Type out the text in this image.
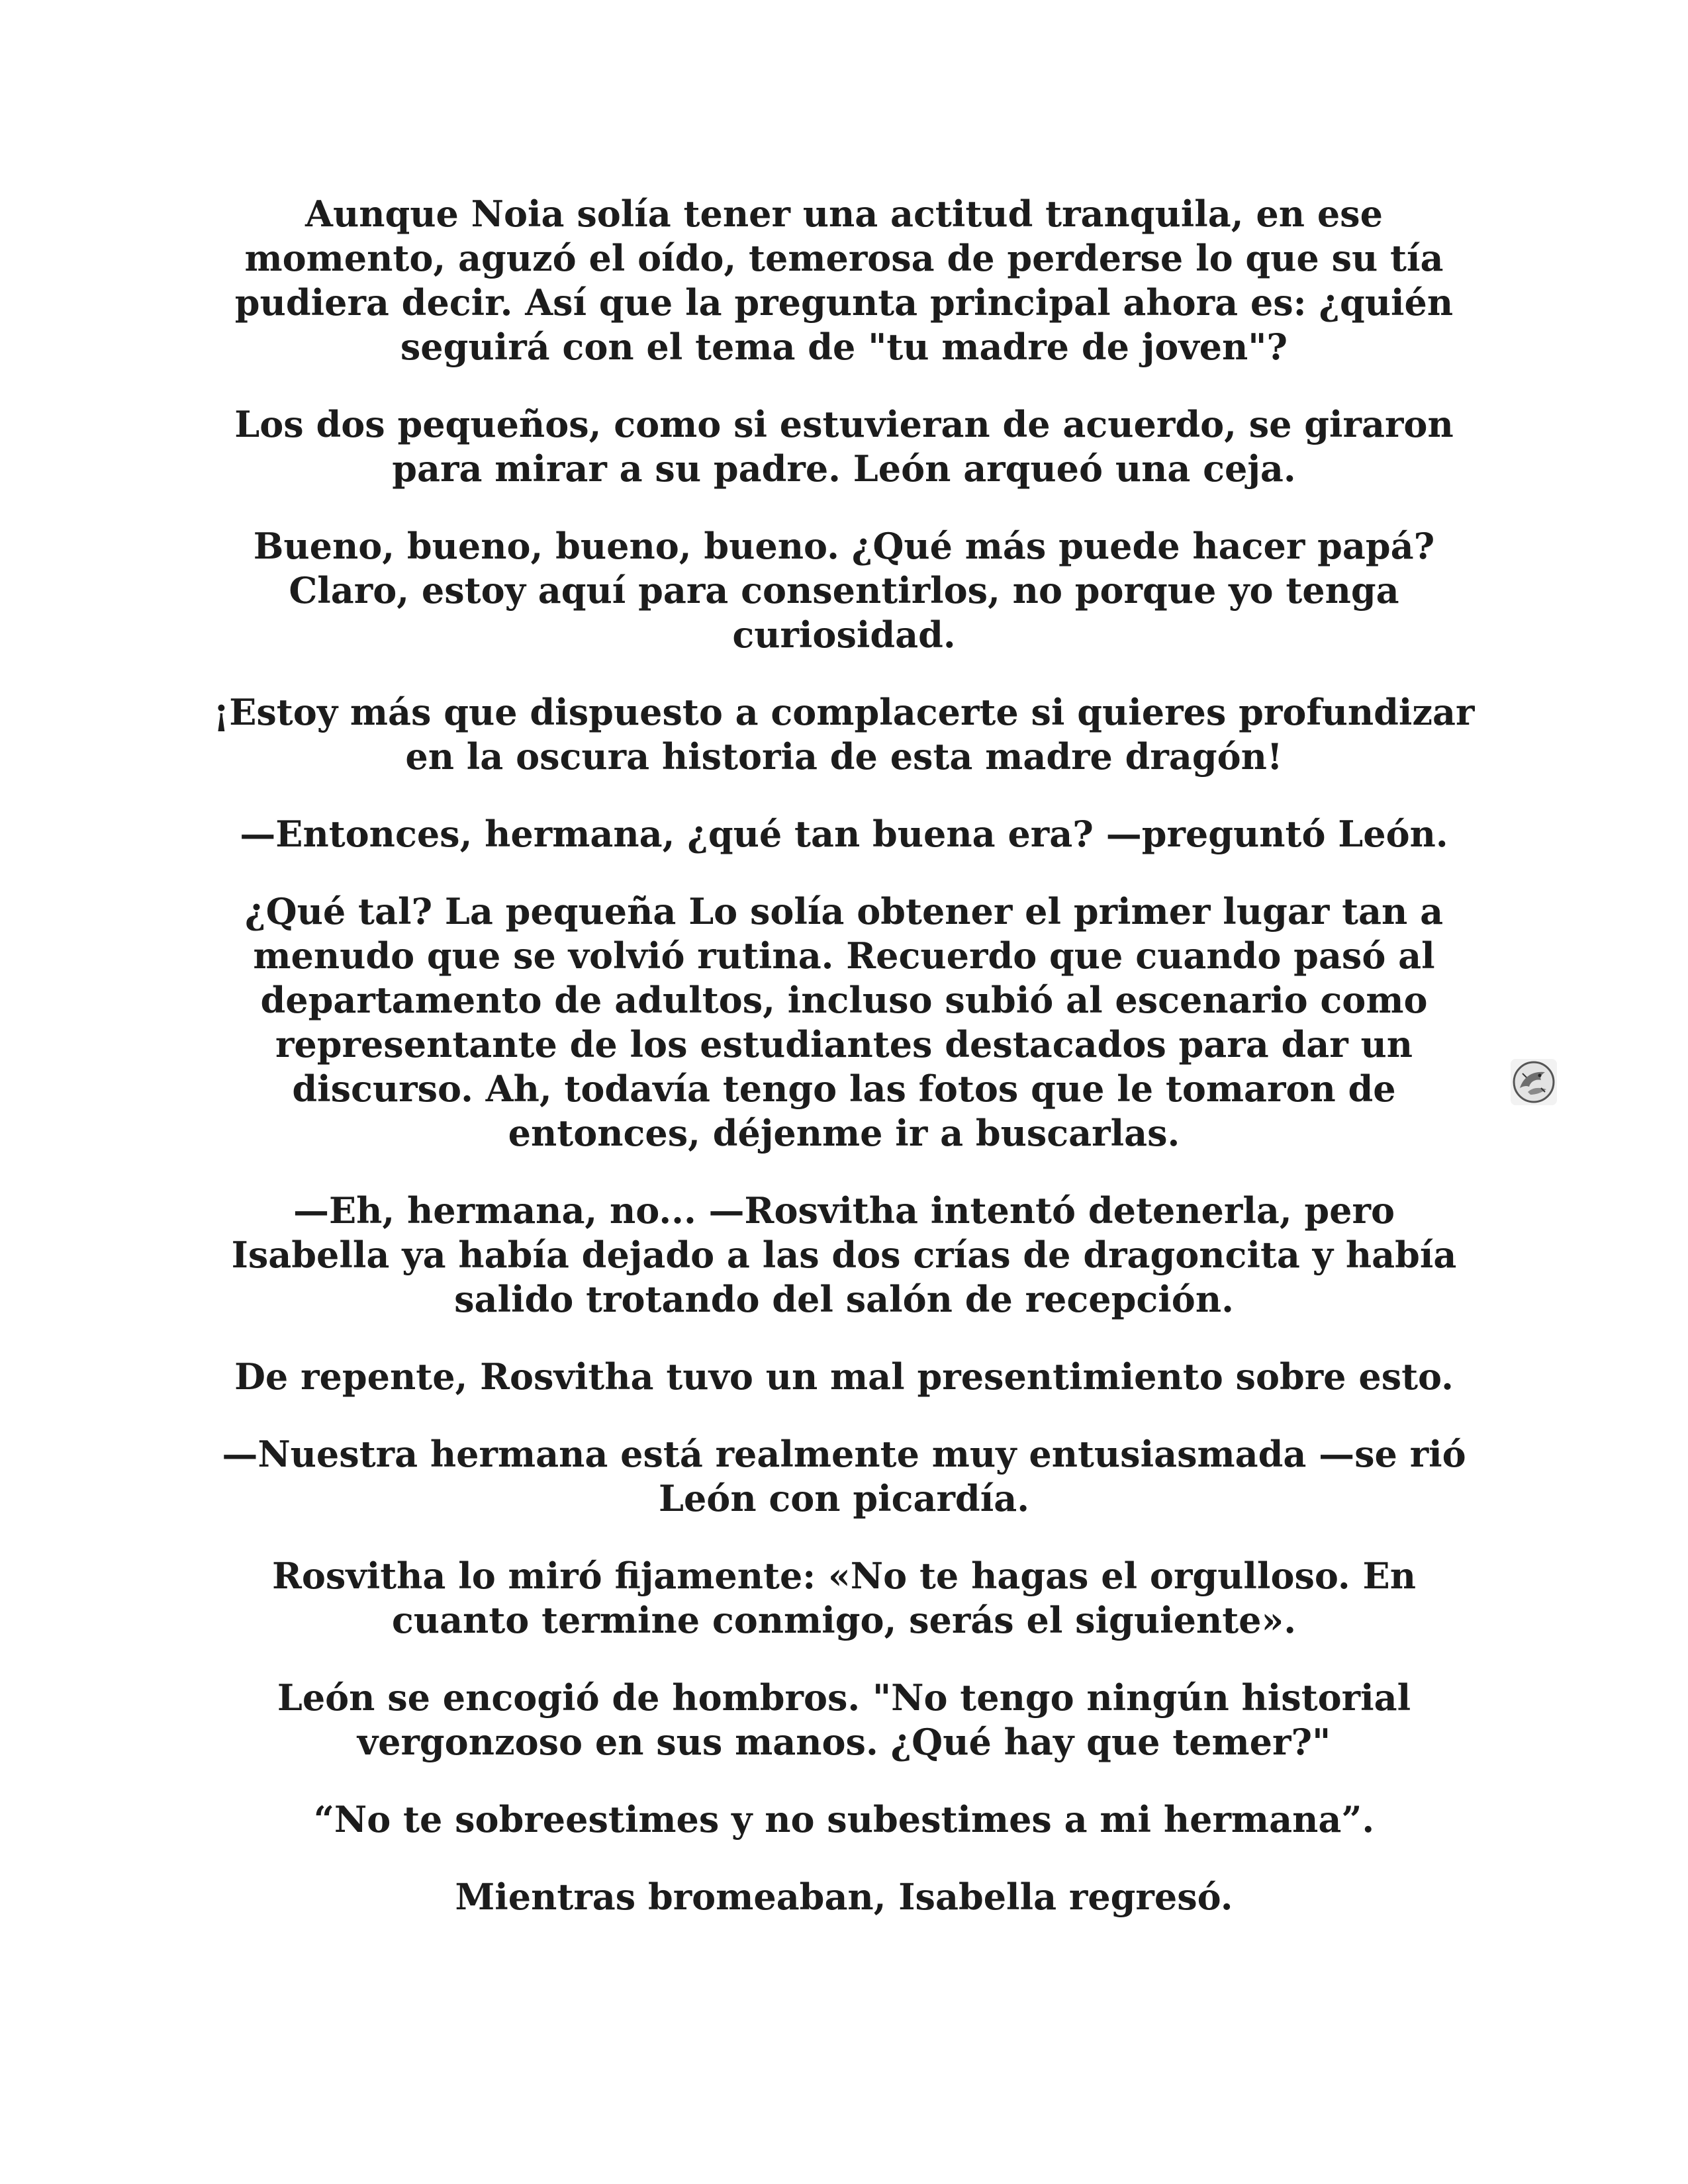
Aunque Noia solía tener una actitud tranquila, en ese momento, aguzó el oído, temerosa de perderse lo que su tía pudiera decir. Así que la pregunta principal ahora es: ¿quién seguirá con el tema de "tu madre de joven"?

Los dos pequeños, como si estuvieran de acuerdo, se giraron para mirar a su padre. León arqueó una ceja.

Bueno, bueno, bueno, bueno. ¿Qué más puede hacer papá? Claro, estoy aquí para consentirlos, no porque yo tenga curiosidad.

¡Estoy más que dispuesto a complacerte si quieres profundizar en la oscura historia de esta madre dragón!

—Entonces, hermana, ¿qué tan buena era? —preguntó León.

¿Qué tal? La pequeña Lo solía obtener el primer lugar tan a menudo que se volvió rutina. Recuerdo que cuando pasó al departamento de adultos, incluso subió al escenario como representante de los estudiantes destacados para dar un discurso. Ah, todavía tengo las fotos que le tomaron de entonces, déjenme ir a buscarlas.

—Eh, hermana, no... —Rosvitha intentó detenerla, pero Isabella ya había dejado a las dos crías de dragoncita y había salido trotando del salón de recepción.

De repente, Rosvitha tuvo un mal presentimiento sobre esto.

—Nuestra hermana está realmente muy entusiasmada —se rió León con picardía.

Rosvitha lo miró fijamente: «No te hagas el orgulloso. En cuanto termine conmigo, serás el siguiente».

León se encogió de hombros. "No tengo ningún historial vergonzoso en sus manos. ¿Qué hay que temer?"

“No te sobreestimes y no subestimes a mi hermana”.

Mientras bromeaban, Isabella regresó.
